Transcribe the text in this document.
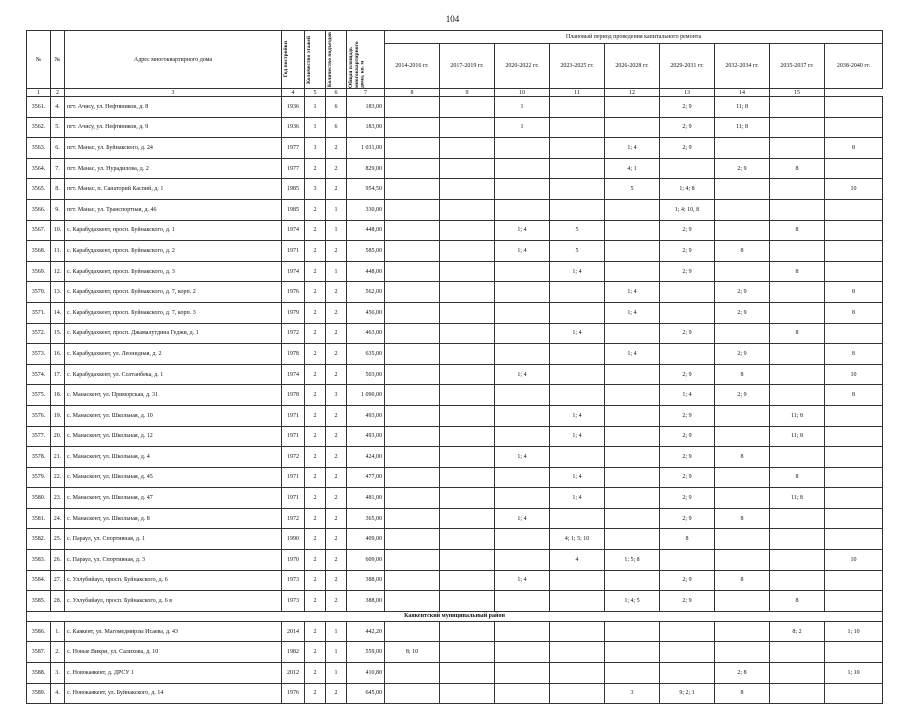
104
№	№	Адрес многоквартирного дома	Год постройки	Количество этажей	Количество подъездов	Общая площадь многоквартирного дома, кв. м	Плановый период проведения капитального ремонта								
							2014-2016 гг.	2017-2019 гг.	2020-2022 гг.	2023-2025 гг.	2026-2028 гг.	2029-2031 гг.	2032-2034 гг.	2035-2037 гг.	2038-2040 гг.
1	2	3	4	5	6	7	8	9	10	11	12	13	14	15	
3561.	4.	пгт. Ачису, ул. Нефтяников, д. 8	1936	1	6	183,00			1			2; 9	11; 8		
3562.	5.	пгт. Ачису, ул. Нефтяников, д. 9	1936	1	6	183,00			1			2; 9	11; 8		
3563.	6.	пгт. Манас, ул. Буйнакского, д. 24	1977	3	2	1 031,00					1; 4	2; 9			8
3564.	7.	пгт. Манас, ул. Нурадилова, д. 2	1977	2	2	829,00					4; 1		2; 9	8	
3565.	8.	пгт. Манас, п. Санаторий Каспий, д. 1	1985	3	2	954,50					5	1; 4; 8			10
3566.	9.	пгт. Манас, ул. Транспортная, д. 46	1985	2	1	330,00						1; 4; 10, 8			
3567.	10.	с. Карабудахкент, просп. Буйнакского, д. 1	1974	2	1	448,00			1; 4	5		2; 9		8	
3568.	11.	с. Карабудахкент, просп. Буйнакского, д. 2	1971	2	2	585,00			1; 4	5		2; 9	8		
3569.	12.	с. Карабудахкент, просп. Буйнакского, д. 3	1974	2	1	448,00				1; 4		2; 9		8	
3570.	13.	с. Карабудахкент, просп. Буйнакского, д. 7, корп. 2	1976	2	2	562,00					1; 4		2; 9		8
3571.	14.	с. Карабудахкент, просп. Буйнакского, д. 7, корп. 3	1979	2	2	456,00					1; 4		2; 9		8
3572.	15.	с. Карабудахкент, просп. Джамалутдина Геджи, д. 1	1972	2	2	463,00				1; 4		2; 9		8	
3573.	16.	с. Карабудахкент, ул. Леонидная, д. 2	1978	2	2	635,00					1; 4		2; 9		8
3574.	17.	с. Карабудахкент, ул. Солтанбека, д. 1	1974	2	2	503,00			1; 4			2; 9	8		10
3575.	18.	с. Манаскент, ул. Приморская, д. 31	1978	2	3	1 090,00						1; 4	2; 9		8
3576.	19.	с. Манаскент, ул. Школьная, д. 10	1971	2	2	493,00				1; 4		2; 9		11; 8	
3577.	20.	с. Манаскент, ул. Школьная, д. 12	1971	2	2	493,00				1; 4		2; 9		11; 8	
3578.	21.	с. Манаскент, ул. Школьная, д. 4	1972	2	2	424,00			1; 4			2; 9	8		
3579.	22.	с. Манаскент, ул. Школьная, д. 45	1971	2	2	477,00				1; 4		2; 9		8	
3580.	23.	с. Манаскент, ул. Школьная, д. 47	1971	2	2	481,00				1; 4		2; 9		11; 8	
3581.	24.	с. Манаскент, ул. Школьная, д. 8	1972	2	2	365,00			1; 4			2; 9	8		
3582.	25.	с. Параул, ул. Спортивная, д. 1	1990	2	2	409,00				4; 1; 5; 10		8			
3583.	26.	с. Параул, ул. Спортивная, д. 3	1970	2	2	609,00				4	1; 5; 8				10
3584.	27.	с. Уллубийаул, просп. Буйнакского, д. 6	1973	2	2	388,00			1; 4			2; 9	8		
3585.	28.	с. Уллубийаул, просп. Буйнакского, д. 6 в	1973	2	2	388,00					1; 4; 5	2; 9		8	
Каякентский муниципальный район															
3586.	1.	с. Каякент, ул. Магомедмирзы Исаева, д. 43	2014	2	1	442,20								8; 2	1; 10
3587.	2.	с. Новые Викри, ул. Салихова, д. 10	1982	2	1	559,00	8; 10								
3588.	3.	с. Новокаякент, д. ДРСУ 1	2012	2	1	410,80							2; 8		1; 10
3589.	4.	с. Новокаякент, ул. Буйнакского, д. 14	1976	2	2	645,00					3	9; 2; 1	8		
